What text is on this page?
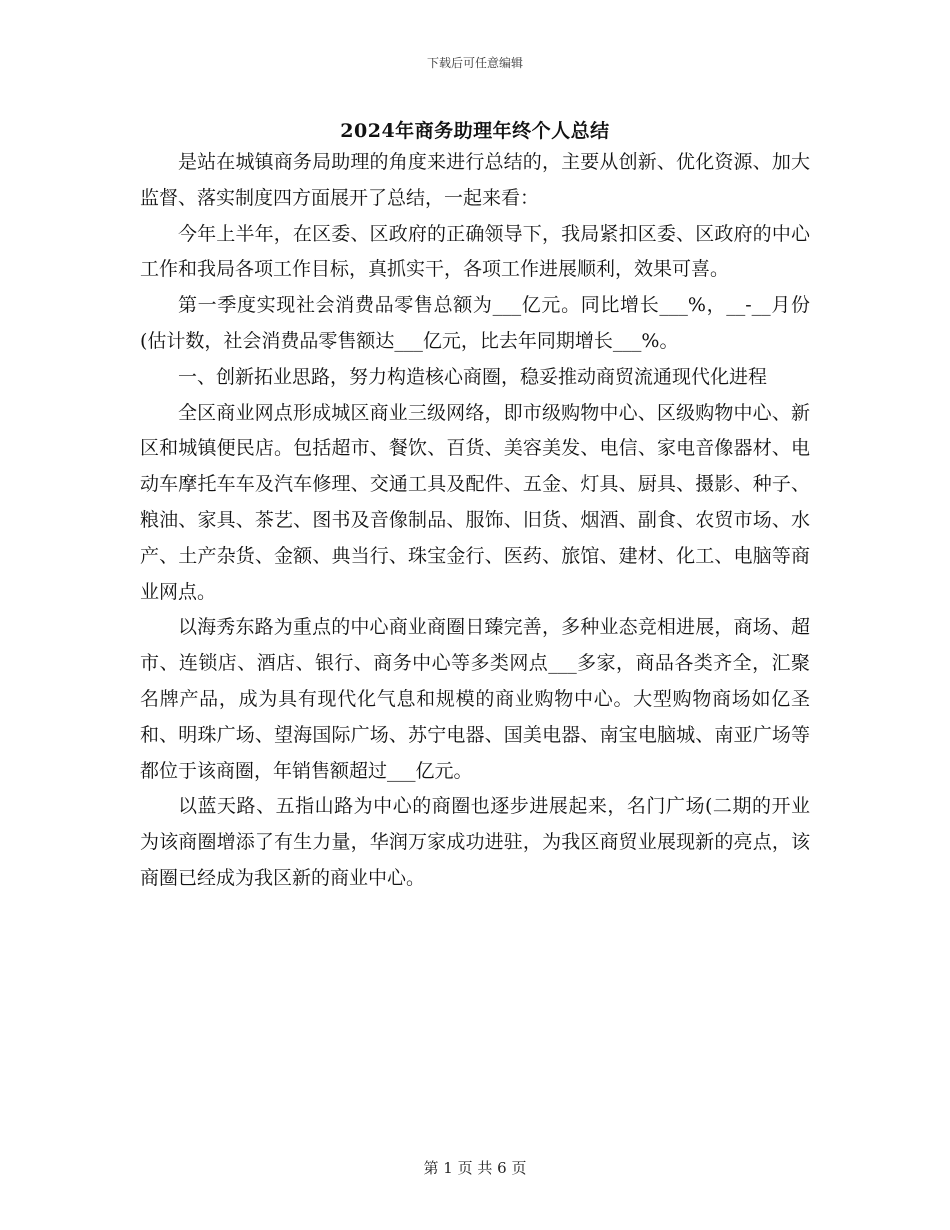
下载后可任意编辑
2024年商务助理年终个人总结

是站在城镇商务局助理的角度来进行总结的，主要从创新、优化资源、加大监督、落实制度四方面展开了总结，一起来看：

今年上半年，在区委、区政府的正确领导下，我局紧扣区委、区政府的中心工作和我局各项工作目标，真抓实干，各项工作进展顺利，效果可喜。

第一季度实现社会消费品零售总额为___亿元。同比增长___%，__-__月份(估计数，社会消费品零售额达___亿元，比去年同期增长___%。

一、创新拓业思路，努力构造核心商圈，稳妥推动商贸流通现代化进程

全区商业网点形成城区商业三级网络，即市级购物中心、区级购物中心、新区和城镇便民店。包括超市、餐饮、百货、美容美发、电信、家电音像器材、电动车摩托车车及汽车修理、交通工具及配件、五金、灯具、厨具、摄影、种子、粮油、家具、茶艺、图书及音像制品、服饰、旧货、烟酒、副食、农贸市场、水产、土产杂货、金额、典当行、珠宝金行、医药、旅馆、建材、化工、电脑等商业网点。

以海秀东路为重点的中心商业商圈日臻完善，多种业态竞相进展，商场、超市、连锁店、酒店、银行、商务中心等多类网点___多家，商品各类齐全，汇聚名牌产品，成为具有现代化气息和规模的商业购物中心。大型购物商场如亿圣和、明珠广场、望海国际广场、苏宁电器、国美电器、南宝电脑城、南亚广场等都位于该商圈，年销售额超过___亿元。

以蓝天路、五指山路为中心的商圈也逐步进展起来，名门广场(二期的开业为该商圈增添了有生力量，华润万家成功进驻，为我区商贸业展现新的亮点，该商圈已经成为我区新的商业中心。

第 1 页 共 6 页
